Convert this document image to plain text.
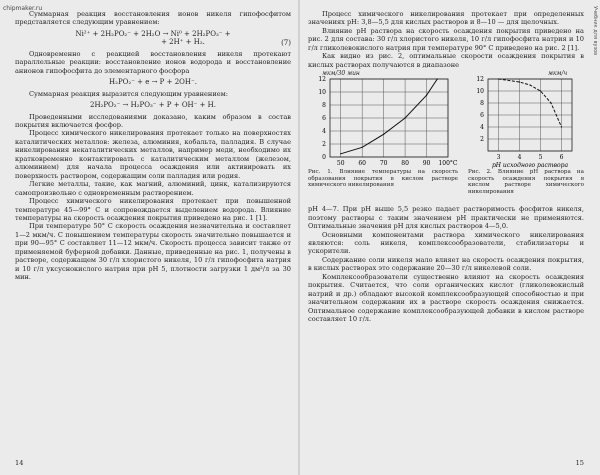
chipmaker.ru	Учебник для вузов

Суммарная реакция восстановления ионов никеля гипофосфитом представляется следующим уравнением:

Ni²⁺ + 2H₂PO₂⁻ + 2H₂O → Ni⁰ + 2H₂PO₃⁻ +
+ 2H⁺ + H₂.	(7)

Одновременно с реакцией восстановления никеля протекают параллельные реакции: восстановление ионов водорода и восстановление анионов гипофосфита до элементарного фосфора

H₂PO₂⁻ + e → P + 2OH⁻.

Суммарная реакция выразится следующим уравнением:

2H₂PO₂⁻ → H₂PO₃⁻ + P + OH⁻ + H.

Проведенными исследованиями доказано, каким образом в состав покрытия включается фосфор.

Процесс химического никелирования протекает только на поверхностях каталитических металлов: железа, алюминия, кобальта, палладия. В случае никелирования некаталитических металлов, например меди, необходимо их кратковременно контактировать с каталитическим металлом (железом, алюминием) для начала процесса осаждения или активировать их поверхность раствором, содержащим соли палладия или родия.

Легкие металлы, такие, как магний, алюминий, цинк, катализируются самопроизвольно с одновременным растворением.

Процесс химического никелирования протекает при повышенной температуре 45—99° С и сопровождается выделением водорода. Влияние температуры на скорость осаждения покрытия приведено на рис. 1 [1].

При температуре 50° С скорость осаждения незначительна и составляет 1—2 мкм/ч. С повышением температуры скорость значительно повышается и при 90—95° С составляет 11—12 мкм/ч. Скорость процесса зависит также от применяемой буферной добавки. Данные, приведенные на рис. 1, получены в растворе, содержащем 30 г/л хлористого никеля, 10 г/л гипофосфита натрия и 10 г/л уксуснокислого натрия при pH 5, плотности загрузки 1 дм²/л за 30 мин.

14

Процесс химического никелирования протекает при определенных значениях pH: 3,8—5,5 для кислых растворов и 8—10 — для щелочных.

Влияние pH раствора на скорость осаждения покрытия приведено на рис. 2 для состава: 30 г/л хлористого никеля, 10 г/л гипофосфита натрия и 10 г/л гликолевокислого натрия при температуре 90° С приведено на рис. 2 [1].

Как видно из рис. 2, оптимальные скорости осаждения покрытия в кислых растворах получаются в диапазоне

мкм/30 мин
12
10
8
6
4
2
0
50 60 70 80 90 100°C
Рис. 1. Влияние температуры на скорость образования покрытия в кислом растворе химического никелирования
мкм/ч
12
10
8
6
4
2
3	4	5	6
pH исходного раствора
Рис. 2. Влияние pH раствора на скорость осаждения покрытия в кислом растворе химического никелирования

pH 4—7. При pH выше 5,5 резко падает растворимость фосфитов никеля, поэтому растворы с таким значением pH практически не применяются. Оптимальные значения pH для кислых растворов 4—5,0.

Основными компонентами раствора химического никелирования являются: соль никеля, комплексообразователи, стабилизаторы и ускорители.

Содержание соли никеля мало влияет на скорость осаждения покрытия, в кислых растворах это содержание 20—30 г/л никелевой соли.

Комплексообразователи существенно влияют на скорость осаждения покрытия. Считается, что соли органических кислот (гликолевокислый натрий и др.) обладают высокой комплексообразующей способностью и при значительном содержании их в растворе скорость осаждения снижается. Оптимальное содержание комплексообразующей добавки в кислом растворе составляет 10 г/л.

15
